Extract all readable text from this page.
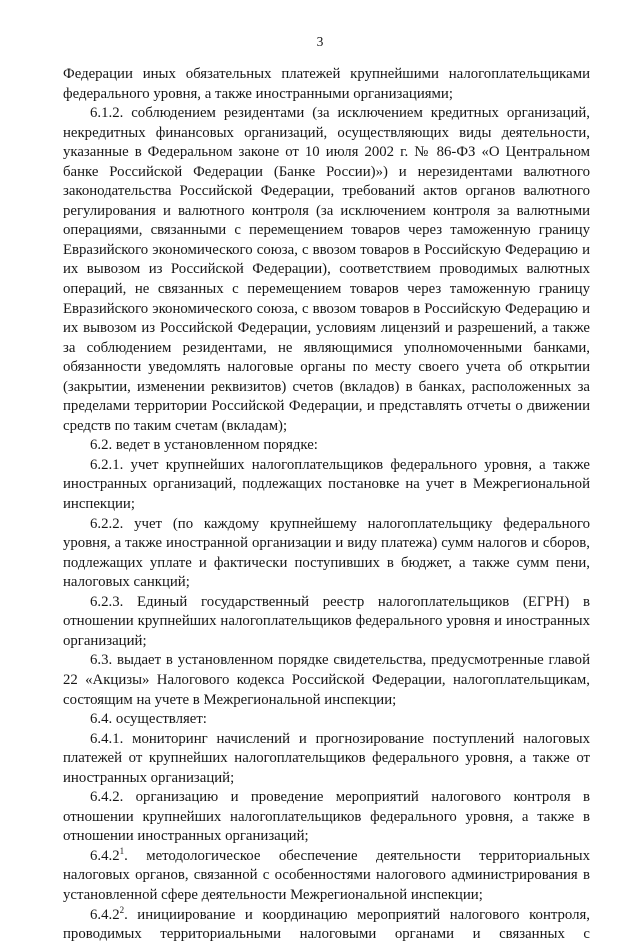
3

Федерации иных обязательных платежей крупнейшими налогоплательщиками федерального уровня, а также иностранными организациями;

6.1.2. соблюдением резидентами (за исключением кредитных организаций, некредитных финансовых организаций, осуществляющих виды деятельности, указанные в Федеральном законе от 10 июля 2002 г. № 86-ФЗ «О Центральном банке Российской Федерации (Банке России)») и нерезидентами валютного законодательства Российской Федерации, требований актов органов валютного регулирования и валютного контроля (за исключением контроля за валютными операциями, связанными с перемещением товаров через таможенную границу Евразийского экономического союза, с ввозом товаров в Российскую Федерацию и их вывозом из Российской Федерации), соответствием проводимых валютных операций, не связанных с перемещением товаров через таможенную границу Евразийского экономического союза, с ввозом товаров в Российскую Федерацию и их вывозом из Российской Федерации, условиям лицензий и разрешений, а также за соблюдением резидентами, не являющимися уполномоченными банками, обязанности уведомлять налоговые органы по месту своего учета об открытии (закрытии, изменении реквизитов) счетов (вкладов) в банках, расположенных за пределами территории Российской Федерации, и представлять отчеты о движении средств по таким счетам (вкладам);

6.2. ведет в установленном порядке:

6.2.1. учет крупнейших налогоплательщиков федерального уровня, а также иностранных организаций, подлежащих постановке на учет в Межрегиональной инспекции;

6.2.2. учет (по каждому крупнейшему налогоплательщику федерального уровня, а также иностранной организации и виду платежа) сумм налогов и сборов, подлежащих уплате и фактически поступивших в бюджет, а также сумм пени, налоговых санкций;

6.2.3. Единый государственный реестр налогоплательщиков (ЕГРН) в отношении крупнейших налогоплательщиков федерального уровня и иностранных организаций;

6.3. выдает в установленном порядке свидетельства, предусмотренные главой 22 «Акцизы» Налогового кодекса Российской Федерации, налогоплательщикам, состоящим на учете в Межрегиональной инспекции;

6.4. осуществляет:

6.4.1. мониторинг начислений и прогнозирование поступлений налоговых платежей от крупнейших налогоплательщиков федерального уровня, а также от иностранных организаций;

6.4.2. организацию и проведение мероприятий налогового контроля в отношении крупнейших налогоплательщиков федерального уровня, а также в отношении иностранных организаций;

6.4.2$^1$. методологическое обеспечение деятельности территориальных налоговых органов, связанной с особенностями налогового администрирования в установленной сфере деятельности Межрегиональной инспекции;

6.4.2$^2$. инициирование и координацию мероприятий налогового контроля, проводимых территориальными налоговыми органами и связанных с
